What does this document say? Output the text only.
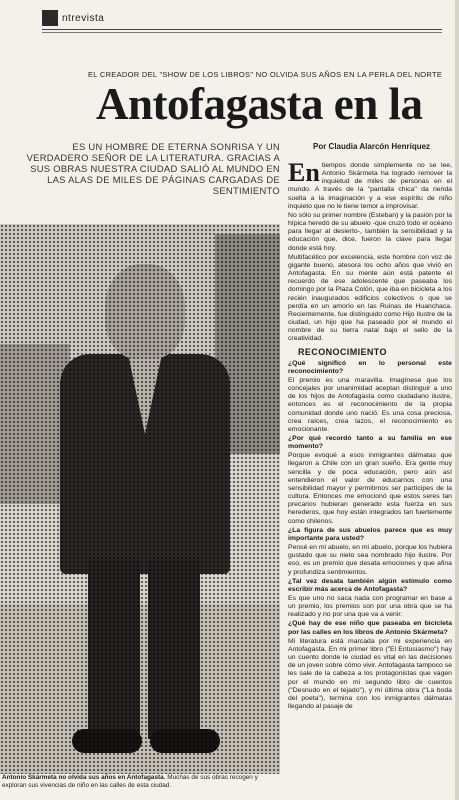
ntrevista
EL CREADOR DEL "SHOW DE LOS LIBROS" NO OLVIDA SUS AÑOS EN LA PERLA DEL NORTE
Antofagasta en la
Por Claudia Alarcón Henríquez
ES UN HOMBRE DE ETERNA SONRISA Y UN VERDADERO SEÑOR DE LA LITERATURA. GRACIAS A SUS OBRAS NUESTRA CIUDAD SALIÓ AL MUNDO EN LAS ALAS DE MILES DE PÁGINAS CARGADAS DE SENTIMIENTO
Antonio Skármeta no olvida sus años en Antofagasta. Muchas de sus obras recogen y exploran sus vivencias de niño en las calles de esta ciudad.

En tiempos donde simplemente no se lee, Antonio Skármeta ha logrado remover la inquietud de miles de personas en el mundo. A través de la "pantalla chica" da rienda suelta a la imaginación y a ese espíritu de niño inquieto que no le tiene temor a improvisar.

No sólo su primer nombre (Esteban) y la pasión por la hípica heredó de su abuelo -que cruzó todo el océano para llegar al desierto-, también la sensibilidad y la educación que, dice, fueron la clave para llegar donde está hoy.

Multifacético por excelencia, este hombre con voz de gigante bueno, atesora los ocho años que vivió en Antofagasta. En su mente aún está patente el recuerdo de ese adolescente que paseaba los domingo por la Plaza Colón, que iba en bicicleta a los recién inaugurados edificios colectivos o que se perdía en un amorío en las Ruinas de Huanchaca. Recientemente, fue distinguido como Hijo Ilustre de la ciudad, un hijo que ha paseado por el mundo el nombre de su tierra natal bajo el sello de la creatividad.

RECONOCIMIENTO

¿Qué significó en lo personal este reconocimiento?

El premio es una maravilla. Imagínese que los concejales por unanimidad aceptan distinguir a uno de los hijos de Antofagasta como ciudadano ilustre, entonces es el reconocimiento de la propia comunidad donde uno nació. Es una cosa preciosa, crea raíces, crea lazos, el reconocimiento es emocionante.

¿Por qué recordó tanto a su familia en ese momento?

Porque evoqué a esos inmigrantes dálmatas que llegaron a Chile con un gran sueño. Era gente muy sencilla y de poca educación, pero aún así entendieron el valor de educarnos con una sensibilidad mayor y permitirnos ser partícipes de la cultura. Entonces me emocionó que estos seres tan precarios hubieran generado esta fuerza en sus herederos, que hoy están integrados tan fuertemente como chilenos.

¿La figura de sus abuelos parece que es muy importante para usted?

Pensé en mi abuelo, en mi abuelo, porque los hubiera gustado que su nieto sea nombrado hijo ilustre. Por eso, es un premio que desata emociones y que afina y profundiza sentimientos.

¿Tal vez desata también algún estímulo como escribir más acerca de Antofagasta?

Es que uno no saca nada con programar en base a un premio, los premios son por una obra que se ha realizado y no por una que va a venir.

¿Qué hay de ese niño que paseaba en bicicleta por las calles en los libros de Antonio Skármeta?

Mi literatura está marcada por mi experiencia en Antofagasta. En mi primer libro ("El Entusiasmo") hay un cuento donde le ciudad es vital en las decisiones de un joven sobre cómo vivir. Antofagasta tampoco se les sale de la cabeza a los protagonistas que vagen por el mundo en mi segundo libro de cuentos ("Desnudo en el tejado"), y mi última obra ("La boda del poeta"), termina con los inmigrantes dálmatas llegando al pasaje de
